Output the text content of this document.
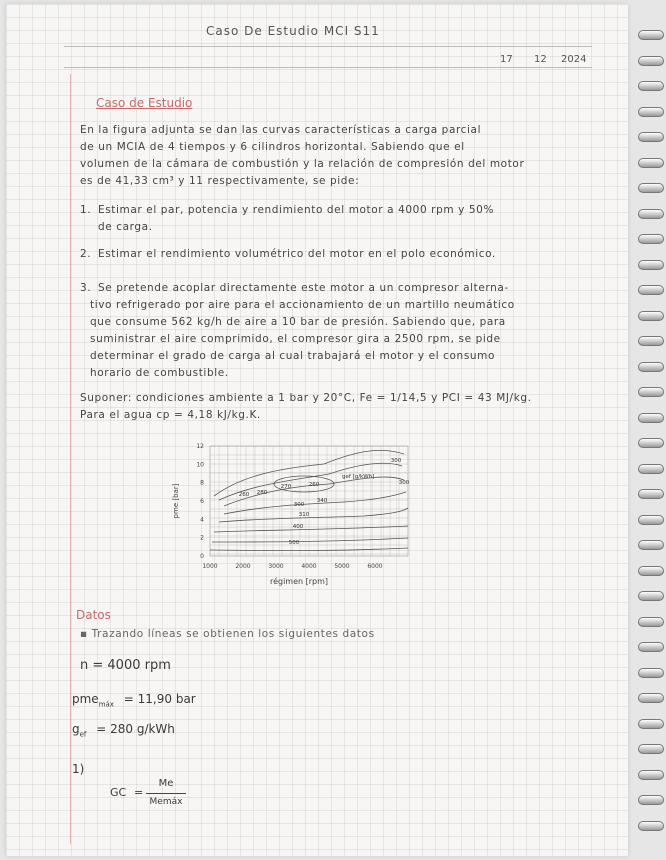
Caso De Estudio MCI S11
17 12 2024
Caso de Estudio
En la figura adjunta se dan las curvas características a carga parcial
de un MCIA de 4 tiempos y 6 cilindros horizontal. Sabiendo que el
volumen de la cámara de combustión y la relación de compresión del motor
es de 41,33 cm³ y 11 respectivamente, se pide:
1. Estimar el par, potencia y rendimiento del motor a 4000 rpm y 50%
de carga.
2. Estimar el rendimiento volumétrico del motor en el polo económico.
3. Se pretende acoplar directamente este motor a un compresor alterna-
tivo refrigerado por aire para el accionamiento de un martillo neumático
que consume 562 kg/h de aire a 10 bar de presión. Sabiendo que, para
suministrar el aire comprimido, el compresor gira a 2500 rpm, se pide
determinar el grado de carga al cual trabajará el motor y el consumo
horario de combustible.
Suponer: condiciones ambiente a 1 bar y 20°C, Fe = 1/14,5 y PCI = 43 MJ/kg.
Para el agua cp = 4,18 kJ/kg.K.
260
270
280
260
300
310
340
400
500
300
300
gef [g/kWh]
1000	2000	3000	4000	5000	6000
0
2
4
6
8
10
12
régimen [rpm]
pme [bar]
Datos
▪ Trazando líneas se obtienen los siguientes datos
n = 4000 rpm
pme$_{máx}$ = 11,90 bar
$g_{ef} = 280$ g/kWh
1)
GC =
Me
Memáx
